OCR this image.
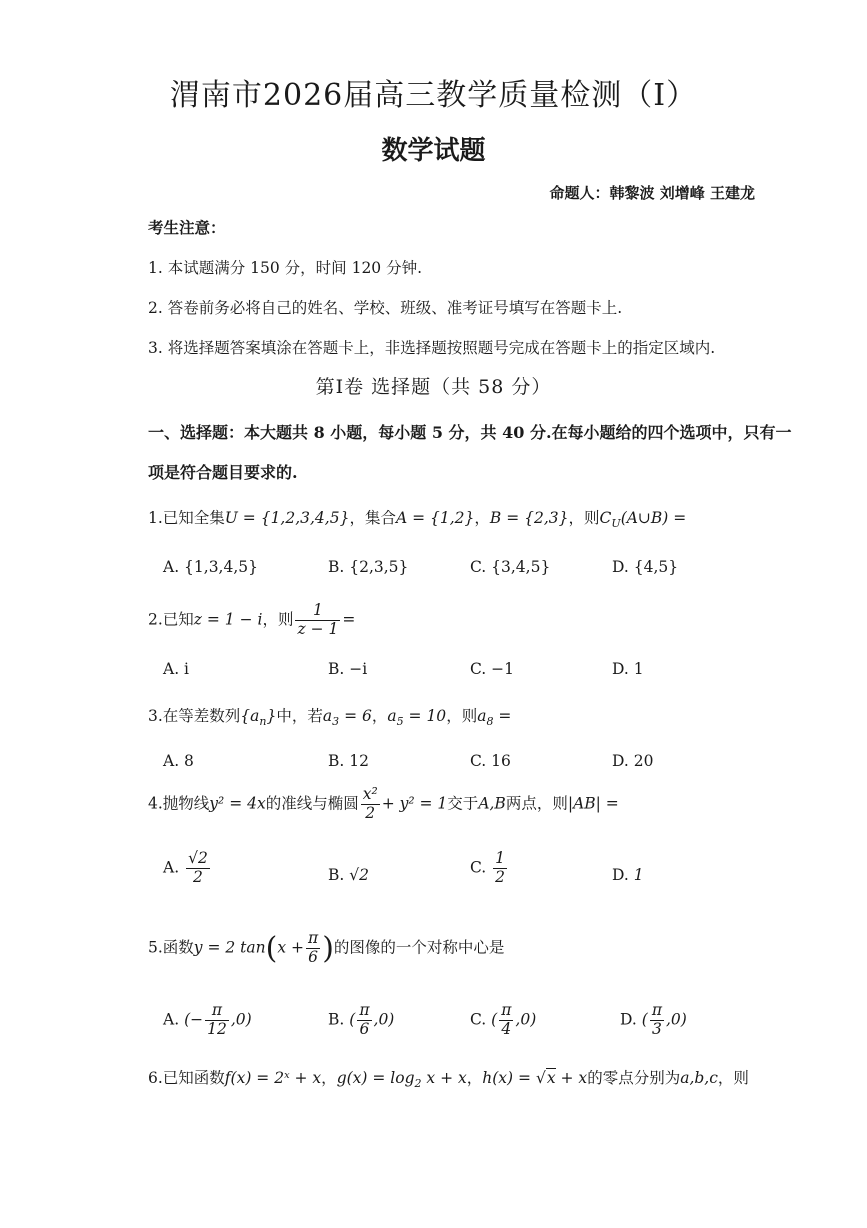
渭南市2026届高三教学质量检测（Ⅰ）
数学试题
命题人：韩黎波 刘增峰 王建龙
考生注意：
1. 本试题满分 150 分，时间 120 分钟.
2. 答卷前务必将自己的姓名、学校、班级、准考证号填写在答题卡上.
3. 将选择题答案填涂在答题卡上，非选择题按照题号完成在答题卡上的指定区域内.
第Ⅰ卷 选择题（共 58 分）
一、选择题：本大题共 8 小题，每小题 5 分，共 40 分.在每小题给的四个选项中，只有一
项是符合题目要求的.
1.已知全集U = {1,2,3,4,5}，集合A = {1,2}，B = {2,3}，则$C_U(A\cup B)$ =
A. {1,3,4,5}	B. {2,3,5}	C. {3,4,5}	D. {4,5}
2.已知z = 1 − i，则 $\frac{1}{z - 1}$ =
A. i	B. −i	C. −1	D. 1
3.在等差数列$\{a_n\}$中，若$a_3 = 6$，$a_5 = 10$，则$a_8$ =
A. 8	B. 12	C. 16	D. 20
4.抛物线y² = 4x的准线与椭圆 $\frac{\text{x²}}{2} + y^2 = 1$交于A,B两点，则|AB| =
A. $\frac{√2}{2}$	B. √2	C. $\frac{1}{2}$	D. 1
5.函数y = 2 $\tan(x + \frac{\pi}{6}$ )的图像的一个对称中心是
A. (− $\frac{\pi}{12} ,0$)	B. ( $\frac{\pi}{6} ,0$)	C. ( $\frac{\pi}{4} ,0$)	D. ( $\frac{\pi}{3} ,0$)
6.已知函数f(x) = 2ˣ + x，$g(x) = \log_2 x + x$，h(x) = √x + x的零点分别为a,b,c，则
